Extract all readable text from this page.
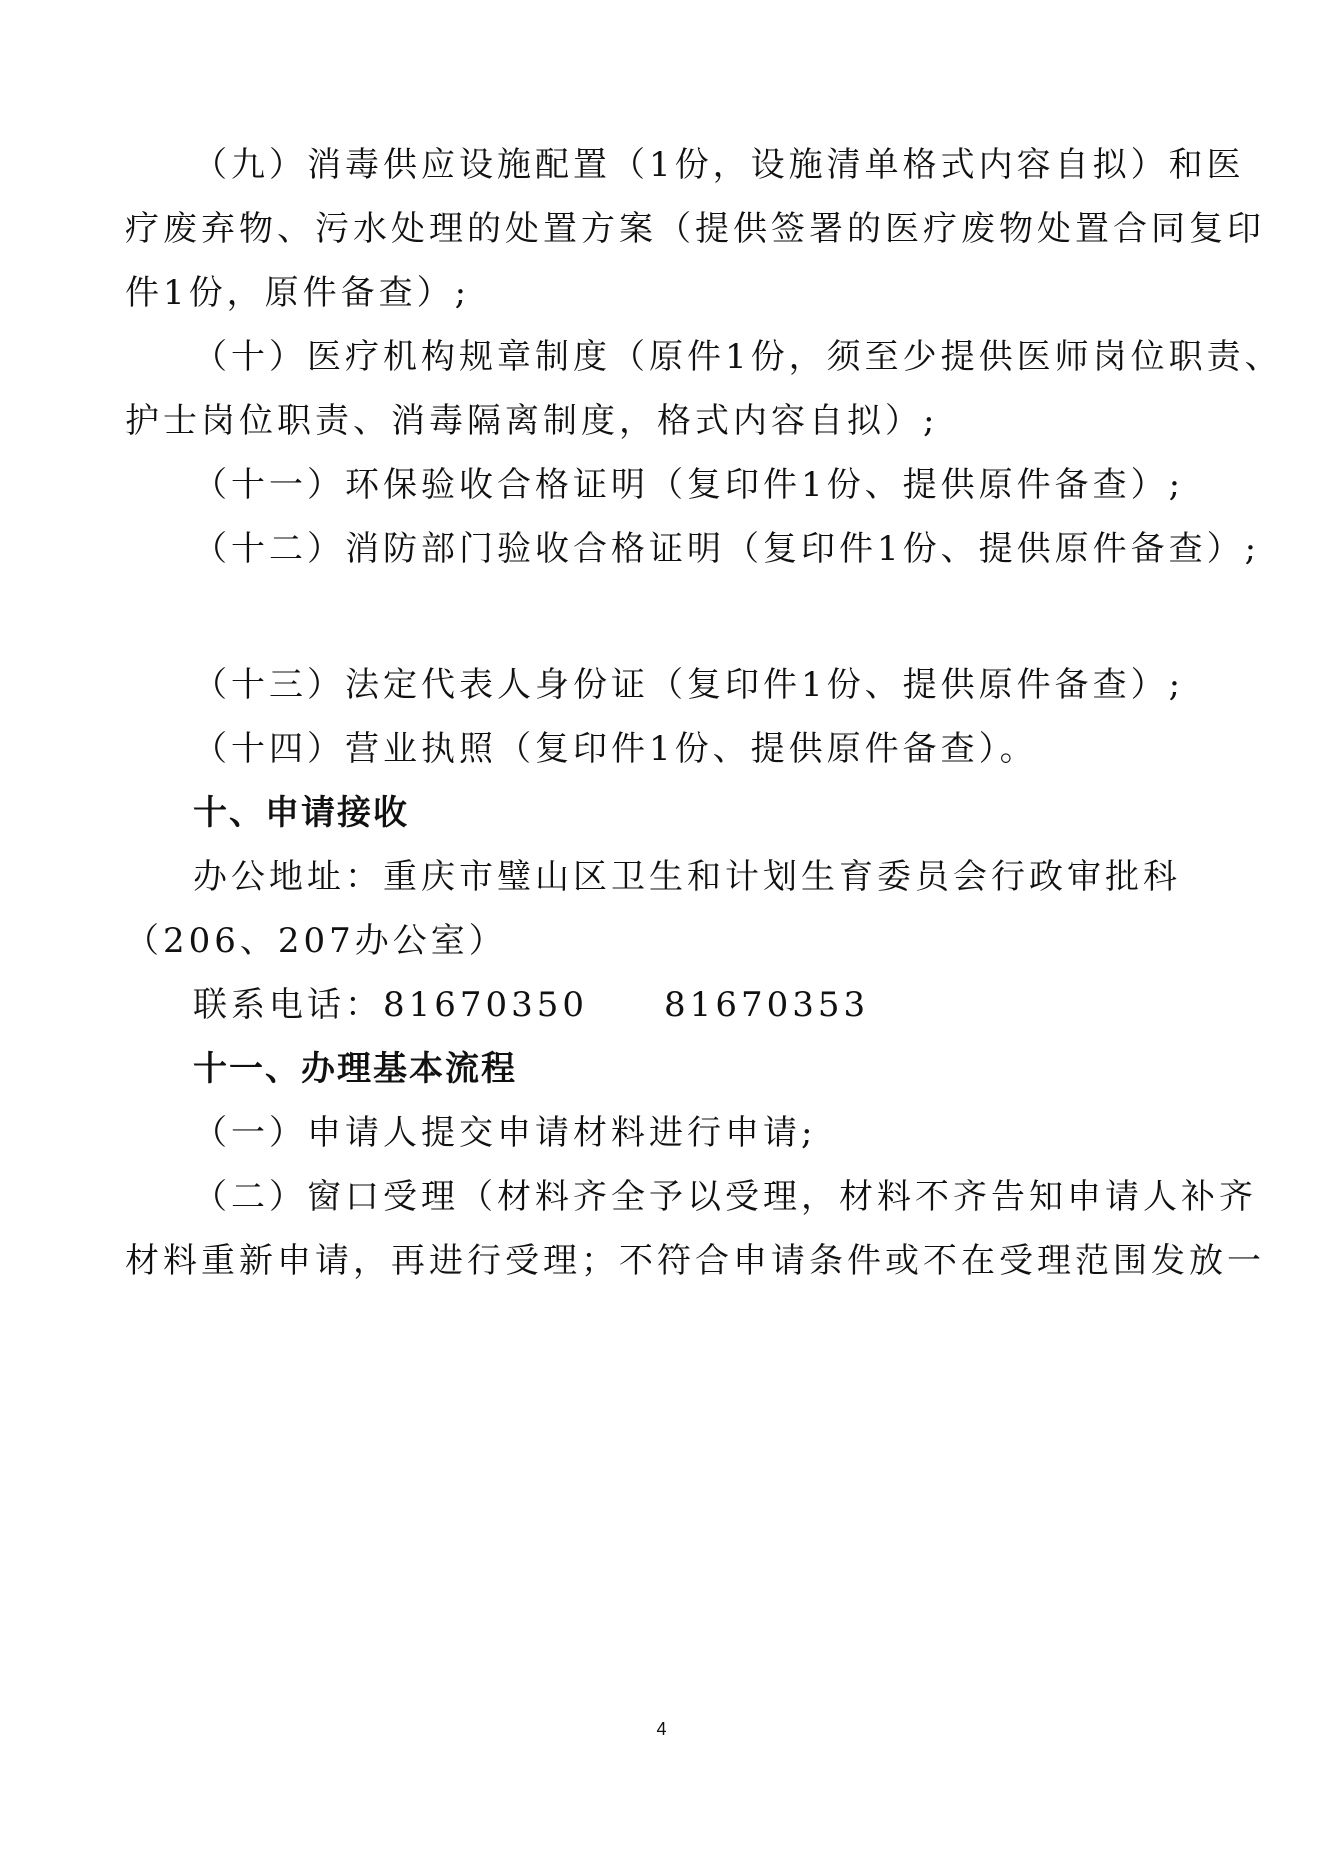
（九）消毒供应设施配置（1份，设施清单格式内容自拟）和医
疗废弃物、污水处理的处置方案（提供签署的医疗废物处置合同复印
件1份，原件备查）;
（十）医疗机构规章制度（原件1份，须至少提供医师岗位职责、
护士岗位职责、消毒隔离制度，格式内容自拟）;
（十一）环保验收合格证明（复印件1份、提供原件备查）;
（十二）消防部门验收合格证明（复印件1份、提供原件备查）;
（十三）法定代表人身份证（复印件1份、提供原件备查）;
（十四）营业执照（复印件1份、提供原件备查）。
十、申请接收
办公地址：重庆市璧山区卫生和计划生育委员会行政审批科
（206、207办公室）
联系电话：81670350　　81670353
十一、办理基本流程
（一）申请人提交申请材料进行申请;
（二）窗口受理（材料齐全予以受理，材料不齐告知申请人补齐
材料重新申请，再进行受理；不符合申请条件或不在受理范围发放一
4
